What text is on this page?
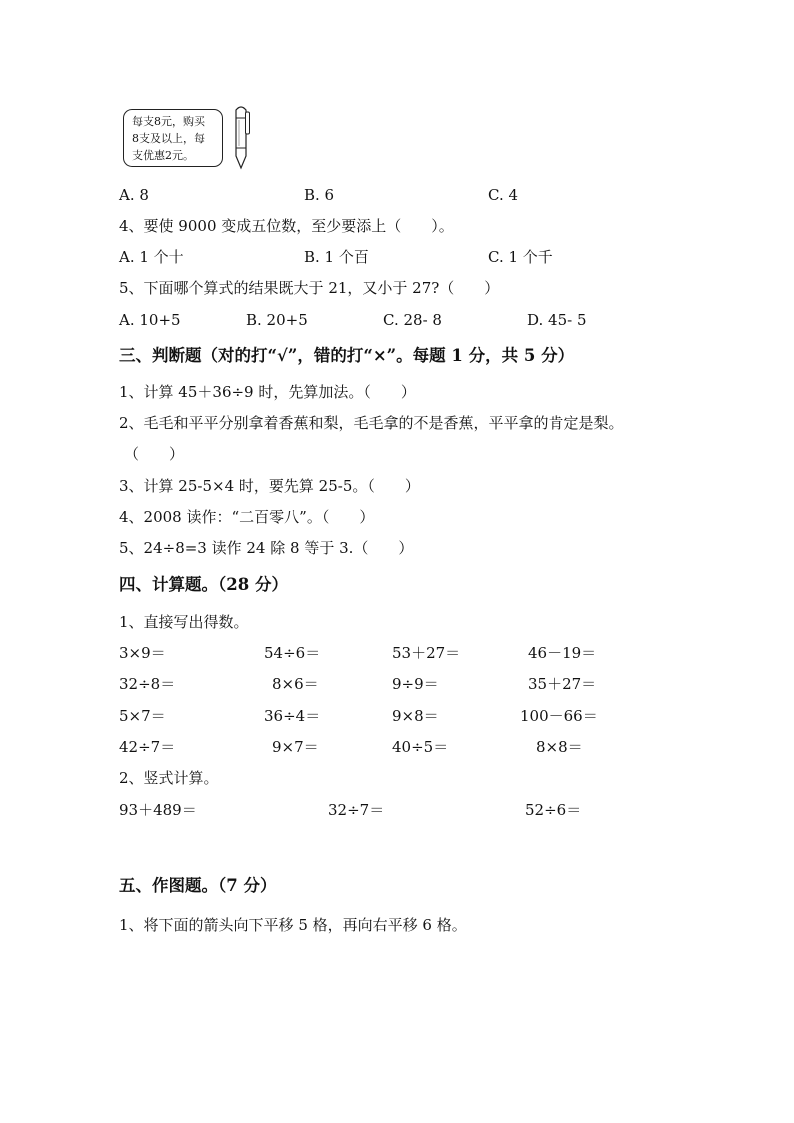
每支8元，购买
8支及以上，每
支优惠2元。
A. 8	B. 6	C. 4
4、要使 9000 变成五位数，至少要添上（　　）。
A. 1 个十	B. 1 个百	C. 1 个千
5、下面哪个算式的结果既大于 21，又小于 27?（　　）
A. 10+5	B. 20+5	C. 28- 8	D. 45- 5
三、判断题（对的打“√”，错的打“×”。每题 1 分，共 5 分）
1、计算 45＋36÷9 时，先算加法。（　　）
2、毛毛和平平分别拿着香蕉和梨，毛毛拿的不是香蕉，平平拿的肯定是梨。
（　　）
3、计算 25-5×4 时，要先算 25-5。（　　）
4、2008 读作：“二百零八”。（　　）
5、24÷8=3 读作 24 除 8 等于 3.（　　）
四、计算题。（28 分）
1、直接写出得数。
3×9＝	54÷6＝	53＋27＝	46－19＝
32÷8＝	8×6＝	9÷9＝	35＋27＝
5×7＝	36÷4＝	9×8＝	100－66＝
42÷7＝	9×7＝	40÷5＝	8×8＝
2、竖式计算。
93＋489＝	32÷7＝	52÷6＝
五、作图题。（7 分）
1、将下面的箭头向下平移 5 格，再向右平移 6 格。
